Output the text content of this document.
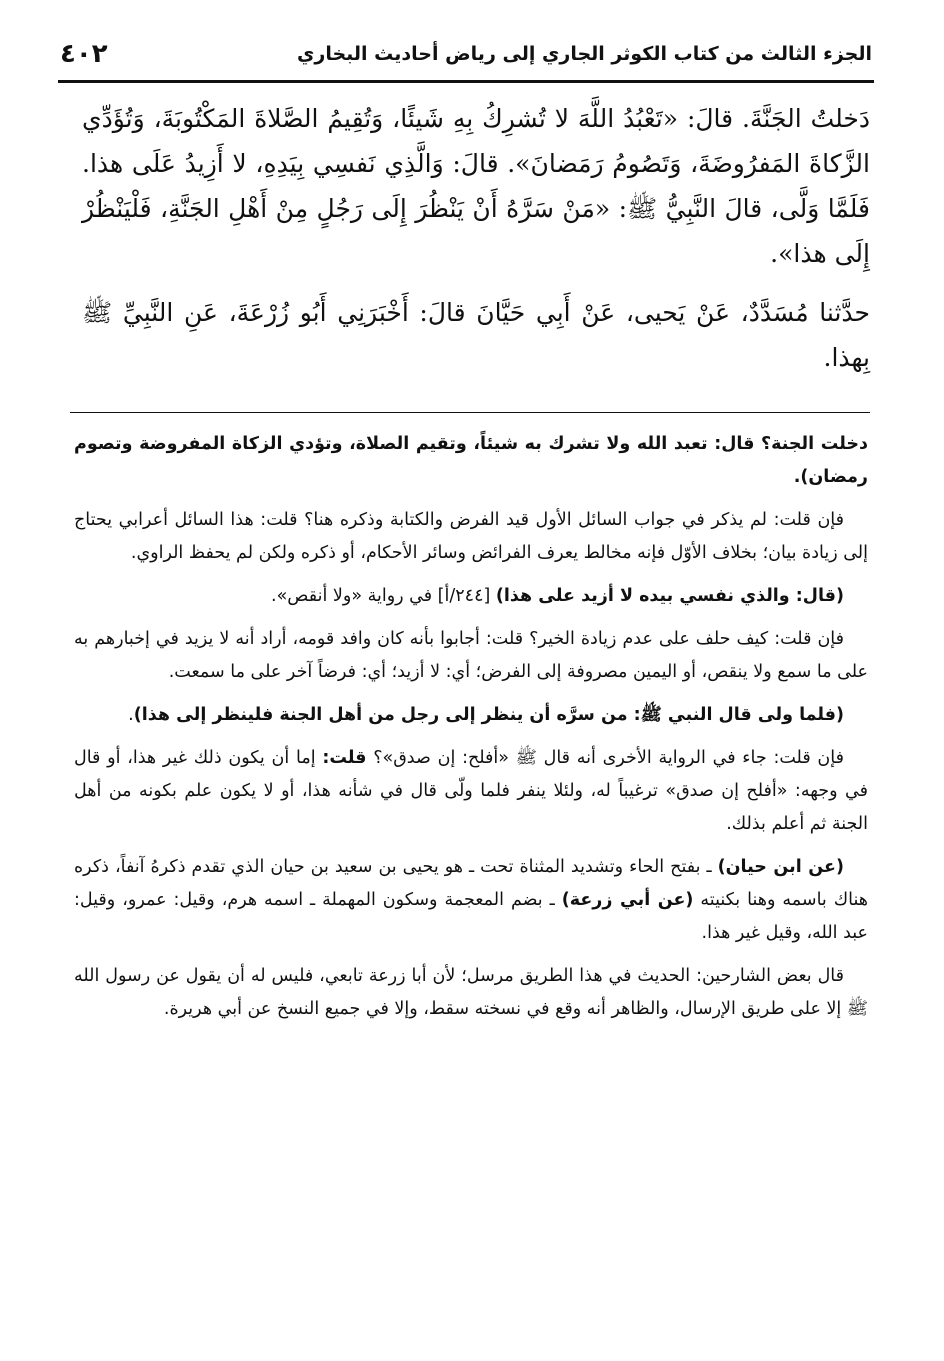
الجزء الثالث من كتاب الكوثر الجاري إلى رياض أحاديث البخاري
٤٠٢

دَخلتُ الجَنَّةَ. قالَ: «تَعْبُدُ اللَّهَ لا تُشرِكُ بِهِ شَيئًا، وَتُقِيمُ الصَّلاةَ المَكْتُوبَةَ، وَتُؤَدِّي الزَّكاةَ المَفرُوضَةَ، وَتَصُومُ رَمَضانَ». قالَ: وَالَّذِي نَفسِي بِيَدِهِ، لا أَزِيدُ عَلَى هذا. فَلَمَّا وَلَّى، قالَ النَّبِيُّ ﷺ: «مَنْ سَرَّهُ أَنْ يَنْظُرَ إِلَى رَجُلٍ مِنْ أَهْلِ الجَنَّةِ، فَلْيَنْظُرْ إِلَى هذا».

حدَّثنا مُسَدَّدٌ، عَنْ يَحيى، عَنْ أَبِي حَيَّانَ قالَ: أَخْبَرَنِي أَبُو زُرْعَةَ، عَنِ النَّبِيِّ ﷺ بِهذا.

دخلت الجنة؟ قال: تعبد الله ولا تشرك به شيئاً، وتقيم الصلاة، وتؤدي الزكاة المفروضة وتصوم رمضان).

فإن قلت: لم يذكر في جواب السائل الأول قيد الفرض والكتابة وذكره هنا؟ قلت: هذا السائل أعرابي يحتاج إلى زيادة بيان؛ بخلاف الأوّل فإنه مخالط يعرف الفرائض وسائر الأحكام، أو ذكره ولكن لم يحفظ الراوي.

(قال: والذي نفسي بيده لا أزيد على هذا) [٢٤٤/أ] في رواية «ولا أنقص».

فإن قلت: كيف حلف على عدم زيادة الخير؟ قلت: أجابوا بأنه كان وافد قومه، أراد أنه لا يزيد في إخبارهم به على ما سمع ولا ينقص، أو اليمين مصروفة إلى الفرض؛ أي: لا أزيد؛ أي: فرضاً آخر على ما سمعت.

(فلما ولى قال النبي ﷺ: من سرَّه أن ينظر إلى رجل من أهل الجنة فلينظر إلى هذا).

فإن قلت: جاء في الرواية الأخرى أنه قال ﷺ «أفلح: إن صدق»؟ قلت: إما أن يكون ذلك غير هذا، أو قال في وجهه: «أفلح إن صدق» ترغيباً له، ولئلا ينفر فلما ولّى قال في شأنه هذا، أو لا يكون علم بكونه من أهل الجنة ثم أعلم بذلك.

(عن ابن حيان) ـ بفتح الحاء وتشديد المثناة تحت ـ هو يحيى بن سعيد بن حيان الذي تقدم ذكرهُ آنفاً، ذكره هناك باسمه وهنا بكنيته (عن أبي زرعة) ـ بضم المعجمة وسكون المهملة ـ اسمه هرم، وقيل: عمرو، وقيل: عبد الله، وقيل غير هذا.

قال بعض الشارحين: الحديث في هذا الطريق مرسل؛ لأن أبا زرعة تابعي، فليس له أن يقول عن رسول الله ﷺ إلا على طريق الإرسال، والظاهر أنه وقع في نسخته سقط، وإلا في جميع النسخ عن أبي هريرة.
